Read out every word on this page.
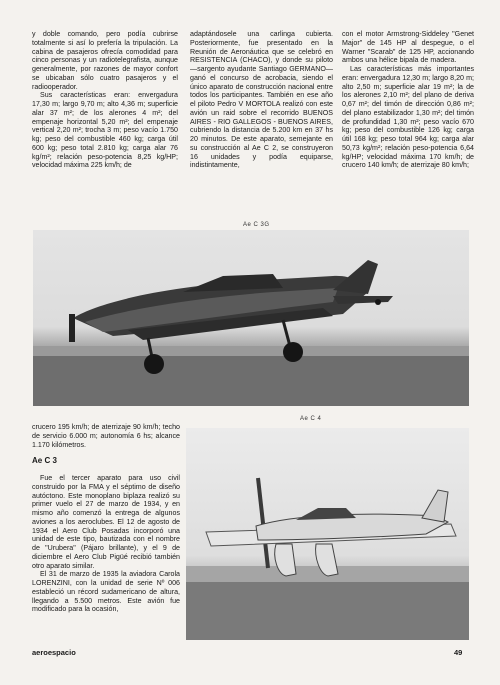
y doble comando, pero podía cubrirse totalmente si así lo prefería la tripulación. La cabina de pasajeros ofrecía comodidad para cinco personas y un radiotelegrafista, aunque generalmente, por razones de mayor confort se ubicaban sólo cuatro pasajeros y el radiooperador.

Sus características eran: envergadura 17,30 m; largo 9,70 m; alto 4,36 m; superficie alar 37 m²; de los alerones 4 m²; del empenaje horizontal 5,20 m²; del empenaje vertical 2,20 m²; trocha 3 m; peso vacío 1.750 kg; peso del combustible 460 kg; carga útil 600 kg; peso total 2.810 kg; carga alar 76 kg/m²; relación peso-potencia 8,25 kg/HP; velocidad máxima 225 km/h; de

adaptándosele una carlinga cubierta. Posteriormente, fue presentado en la Reunión de Aeronáutica que se celebró en RESISTENCIA (CHACO), y donde su piloto —sargento ayudante Santiago GERMANO— ganó el concurso de acrobacia, siendo el único aparato de construcción nacional entre todos los participantes. También en ese año el piloto Pedro V MORTOLA realizó con este avión un raid sobre el recorrido BUENOS AIRES - RIO GALLEGOS - BUENOS AIRES, cubriendo la distancia de 5.200 km en 37 hs 20 minutos. De este aparato, semejante en su construcción al Ae C 2, se construyeron 16 unidades y podía equiparse, indistintamente,

con el motor Armstrong-Siddeley "Genet Major" de 145 HP al despegue, o el Warner "Scarab" de 125 HP, accionando ambos una hélice bipala de madera.

Las características más importantes eran: envergadura 12,30 m; largo 8,20 m; alto 2,50 m; superficie alar 19 m²; la de los alerones 2,10 m²; del plano de deriva 0,67 m²; del timón de dirección 0,86 m²; del plano estabilizador 1,30 m²; del timón de profundidad 1,30 m²; peso vacío 670 kg; peso del combustible 126 kg; carga útil 168 kg; peso total 964 kg; carga alar 50,73 kg/m²; relación peso-potencia 6,64 kg/HP; velocidad máxima 170 km/h; de crucero 140 km/h; de aterrizaje 80 km/h;

Ae C 3G

crucero 195 km/h; de aterrizaje 90 km/h; techo de servicio 6.000 m; autonomía 6 hs; alcance 1.170 kilómetros.

Ae C 3

Fue el tercer aparato para uso civil construido por la FMA y el séptimo de diseño autóctono. Este monoplano biplaza realizó su primer vuelo el 27 de marzo de 1934, y en mismo año comenzó la entrega de algunos aviones a los aeroclubes. El 12 de agosto de 1934 el Aero Club Posadas incorporó una unidad de este tipo, bautizada con el nombre de "Urubera" (Pájaro brillante), y el 9 de diciembre el Aero Club Pigüé recibió también otro aparato similar.

El 31 de marzo de 1935 la aviadora Carola LORENZINI, con la unidad de serie Nº 006 estableció un récord sudamericano de altura, llegando a 5.500 metros. Este avión fue modificado para la ocasión,

Ae C 4
aeroespacio	49
